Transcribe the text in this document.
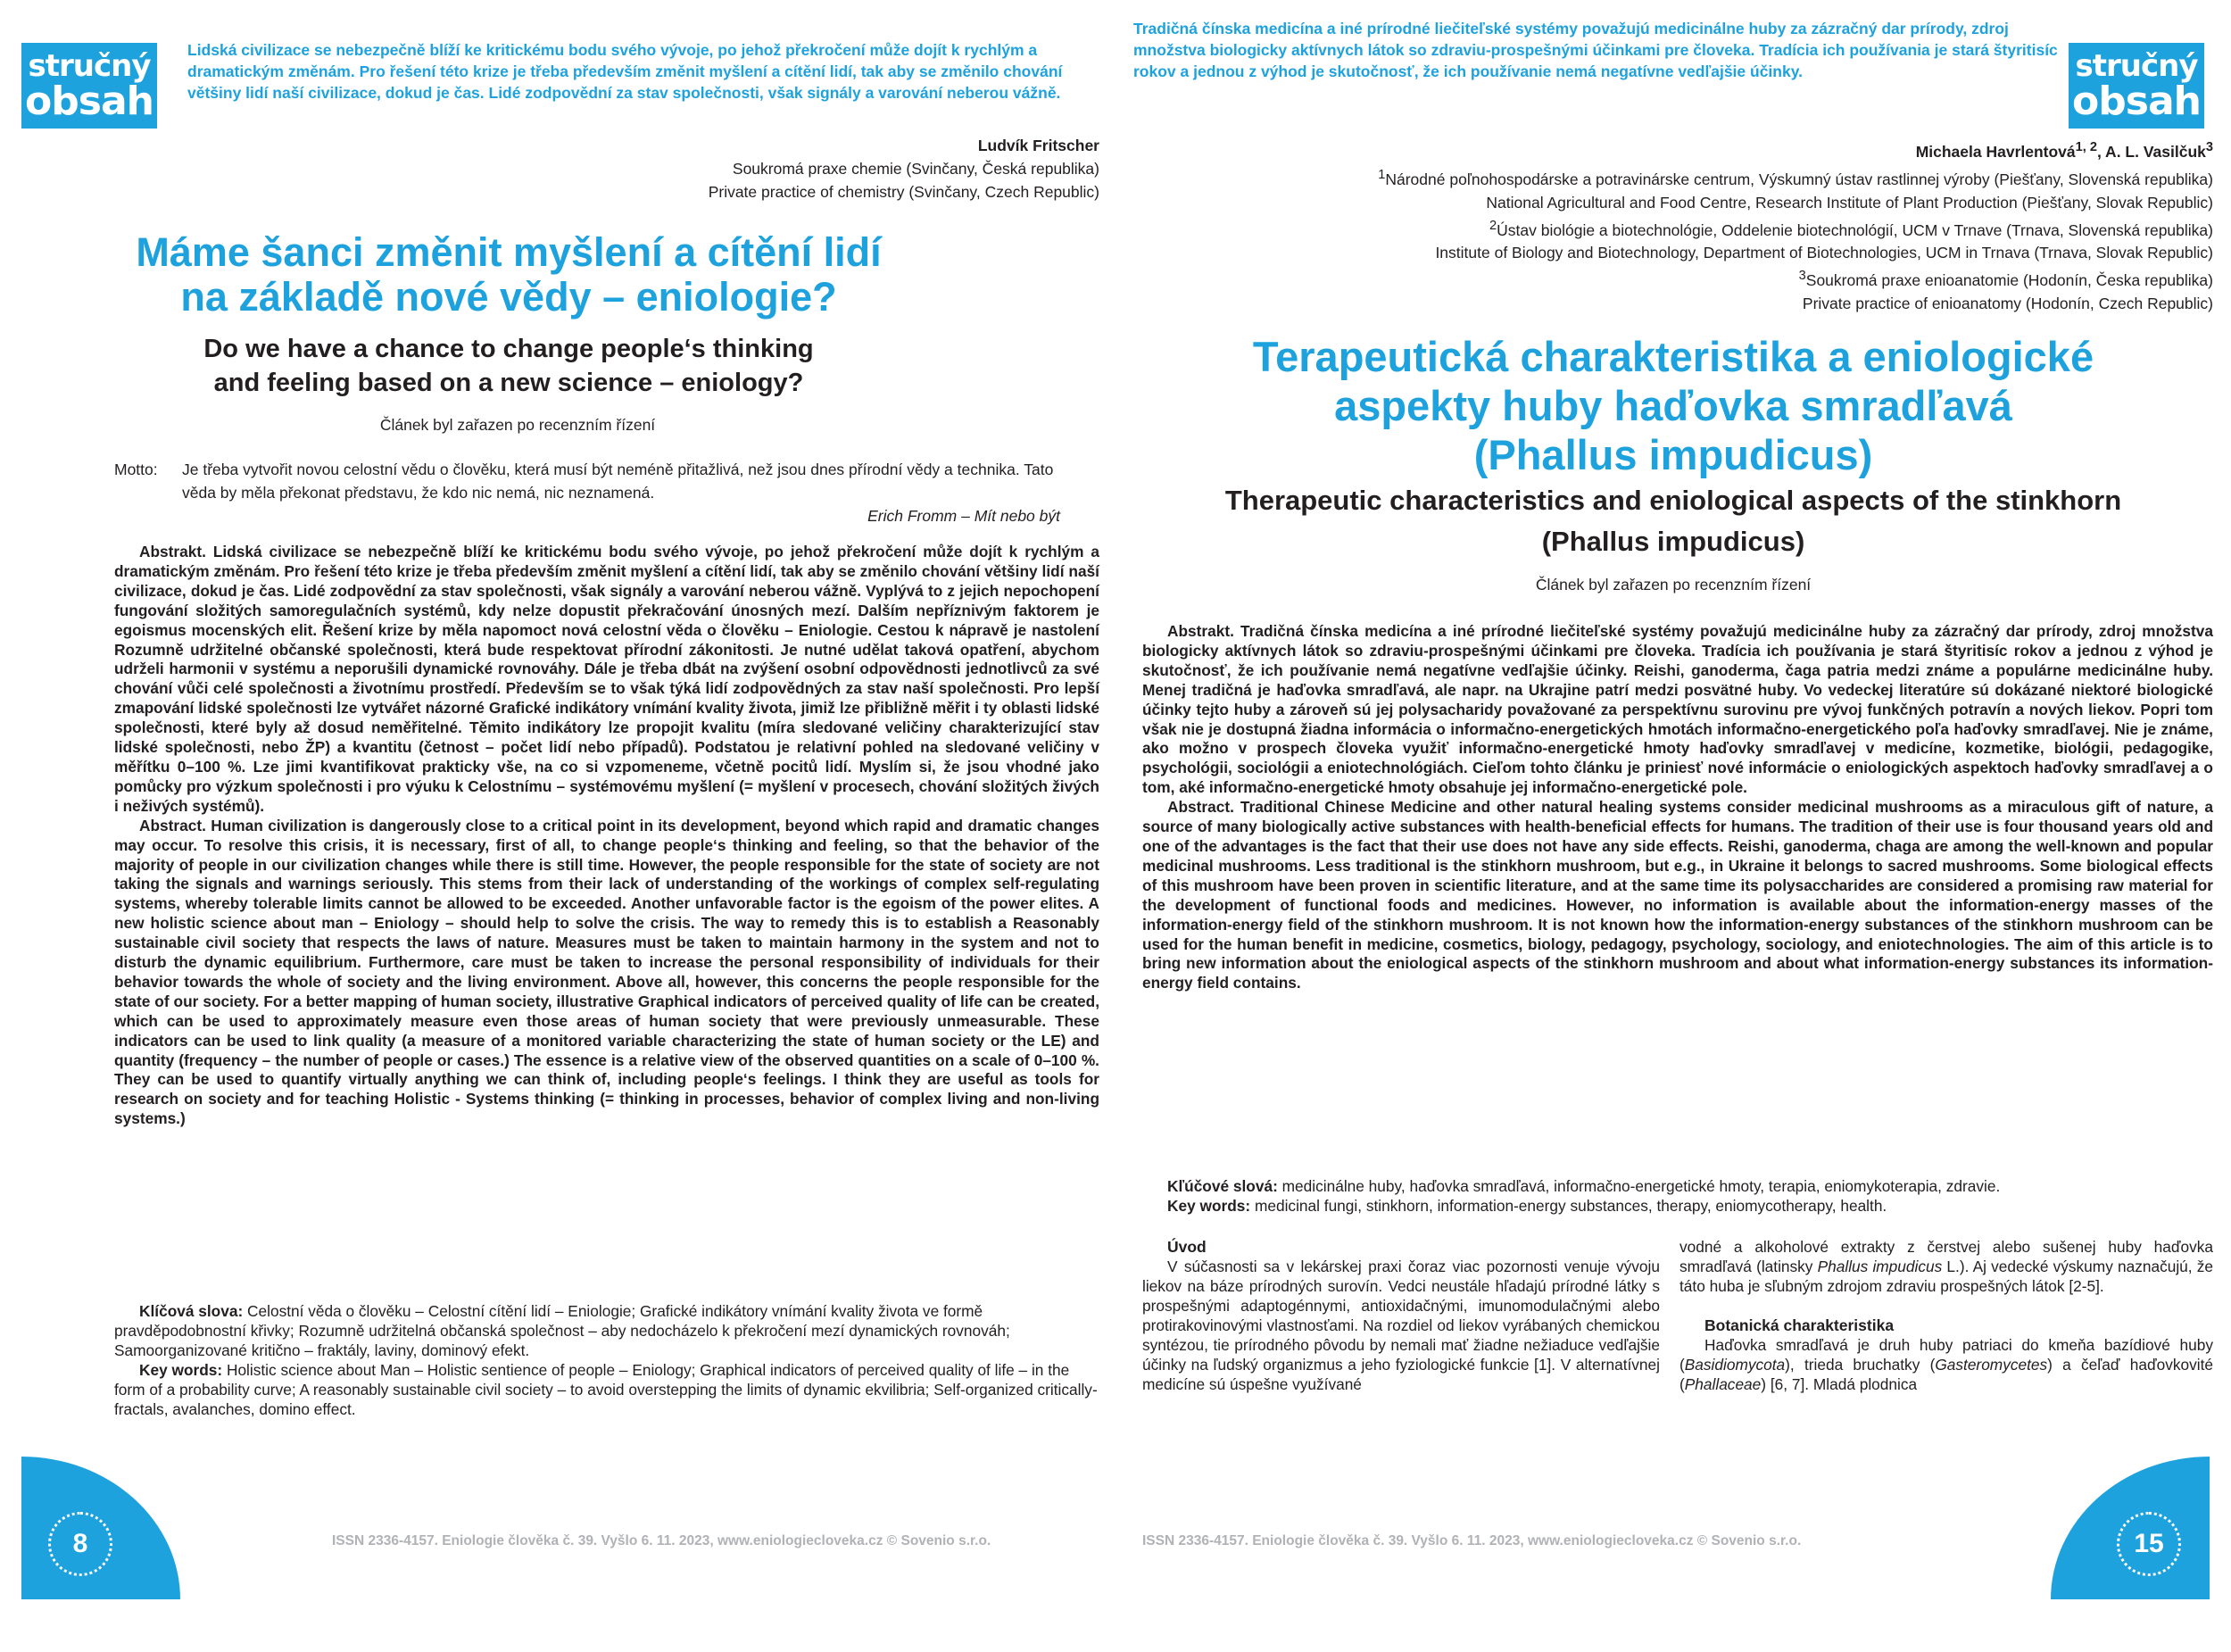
stručný
obsah
Lidská civilizace se nebezpečně blíží ke kritickému bodu svého vývoje, po jehož překročení může dojít k rychlým a dramatickým změnám. Pro řešení této krize je třeba především změnit myšlení a cítění lidí, tak aby se změnilo chování většiny lidí naší civilizace, dokud je čas. Lidé zodpovědní za stav společnosti, však signály a varování neberou vážně.
Ludvík Fritscher
Soukromá praxe chemie (Svinčany, Česká republika)
Private practice of chemistry (Svinčany, Czech Republic)
Máme šanci změnit myšlení a cítění lidí
na základě nové vědy – eniologie?
Do we have a chance to change people‘s thinking
and feeling based on a new science – eniology?
Článek byl zařazen po recenzním řízení
Motto: Je třeba vytvořit novou celostní vědu o člověku, která musí být neméně přitažlivá, než jsou dnes přírodní vědy a technika. Tato věda by měla překonat představu, že kdo nic nemá, nic neznamená.
Erich Fromm – Mít nebo být

Abstrakt. Lidská civilizace se nebezpečně blíží ke kritickému bodu svého vývoje, po jehož překročení může dojít k rychlým a dramatickým změnám. Pro řešení této krize je třeba především změnit myšlení a cítění lidí, tak aby se změnilo chování většiny lidí naší civilizace, dokud je čas. Lidé zodpovědní za stav společnosti, však signály a varování neberou vážně. Vyplývá to z jejich nepochopení fungování složitých samoregulačních systémů, kdy nelze dopustit překračování únosných mezí. Dalším nepříznivým faktorem je egoismus mocenských elit. Řešení krize by měla napomoct nová celostní věda o člověku – Eniologie. Cestou k nápravě je nastolení Rozumně udržitelné občanské společnosti, která bude respektovat přírodní zákonitosti. Je nutné udělat taková opatření, abychom udrželi harmonii v systému a neporušili dynamické rovnováhy. Dále je třeba dbát na zvýšení osobní odpovědnosti jednotlivců za své chování vůči celé společnosti a životnímu prostředí. Především se to však týká lidí zodpovědných za stav naší společnosti. Pro lepší zmapování lidské společnosti lze vytvářet názorné Grafické indikátory vnímání kvality života, jimiž lze přibližně měřit i ty oblasti lidské společnosti, které byly až dosud neměřitelné. Těmito indikátory lze propojit kvalitu (míra sledované veličiny charakterizující stav lidské společnosti, nebo ŽP) a kvantitu (četnost – počet lidí nebo případů). Podstatou je relativní pohled na sledované veličiny v měřítku 0–100 %. Lze jimi kvantifikovat prakticky vše, na co si vzpomeneme, včetně pocitů lidí. Myslím si, že jsou vhodné jako pomůcky pro výzkum společnosti i pro výuku k Celostnímu – systémovému myšlení (= myšlení v procesech, chování složitých živých i neživých systémů).

Abstract. Human civilization is dangerously close to a critical point in its development, beyond which rapid and dramatic changes may occur. To resolve this crisis, it is necessary, first of all, to change people‘s thinking and feeling, so that the behavior of the majority of people in our civilization changes while there is still time. However, the people responsible for the state of society are not taking the signals and warnings seriously. This stems from their lack of understanding of the workings of complex self-regulating systems, whereby tolerable limits cannot be allowed to be exceeded. Another unfavorable factor is the egoism of the power elites. A new holistic science about man – Eniology – should help to solve the crisis. The way to remedy this is to establish a Reasonably sustainable civil society that respects the laws of nature. Measures must be taken to maintain harmony in the system and not to disturb the dynamic equilibrium. Furthermore, care must be taken to increase the personal responsibility of individuals for their behavior towards the whole of society and the living environment. Above all, however, this concerns the people responsible for the state of our society. For a better mapping of human society, illustrative Graphical indicators of perceived quality of life can be created, which can be used to approximately measure even those areas of human society that were previously unmeasurable. These indicators can be used to link quality (a measure of a monitored variable characterizing the state of human society or the LE) and quantity (frequency – the number of people or cases.) The essence is a relative view of the observed quantities on a scale of 0–100 %. They can be used to quantify virtually anything we can think of, including people‘s feelings. I think they are useful as tools for research on society and for teaching Holistic - Systems thinking (= thinking in processes, behavior of complex living and non-living systems.)

Klíčová slova: Celostní věda o člověku – Celostní cítění lidí – Eniologie; Grafické indikátory vnímání kvality života ve formě pravděpodobnostní křivky; Rozumně udržitelná občanská společnost – aby nedocházelo k překročení mezí dynamických rovnováh; Samoorganizované kritično – fraktály, laviny, dominový efekt.

Key words: Holistic science about Man – Holistic sentience of people – Eniology; Graphical indicators of perceived quality of life – in the form of a probability curve; A reasonably sustainable civil society – to avoid overstepping the limits of dynamic ekvilibria; Self-organized critically- fractals, avalanches, domino effect.

8	ISSN 2336-4157. Eniologie člověka č. 39. Vyšlo 6. 11. 2023, www.eniologiecloveka.cz © Sovenio s.r.o.
Tradičná čínska medicína a iné prírodné liečiteľské systémy považujú medicinálne huby za zázračný dar prírody, zdroj množstva biologicky aktívnych látok so zdraviu-prospešnými účinkami pre človeka. Tradícia ich používania je stará štyritisíc rokov a jednou z výhod je skutočnosť, že ich používanie nemá negatívne vedľajšie účinky.	stručný
obsah
Michaela Havrlentová$^{1, 2}$, A. L. Vasilčuk$^3$
$^1$Národné poľnohospodárske a potravinárske centrum, Výskumný ústav rastlinnej výroby (Piešťany, Slovenská republika)
National Agricultural and Food Centre, Research Institute of Plant Production (Piešťany, Slovak Republic)
$^2$Ústav biológie a biotechnológie, Oddelenie biotechnológií, UCM v Trnave (Trnava, Slovenská republika)
Institute of Biology and Biotechnology, Department of Biotechnologies, UCM in Trnava (Trnava, Slovak Republic)
$^3$Soukromá praxe enioanatomie (Hodonín, Česka republika)
Private practice of enioanatomy (Hodonín, Czech Republic)
Terapeutická charakteristika a eniologické
aspekty huby haďovka smradľavá
(Phallus impudicus)
Therapeutic characteristics and eniological aspects of the stinkhorn
(Phallus impudicus)
Článek byl zařazen po recenzním řízení

Abstrakt. Tradičná čínska medicína a iné prírodné liečiteľské systémy považujú medicinálne huby za zázračný dar prírody, zdroj množstva biologicky aktívnych látok so zdraviu-prospešnými účinkami pre človeka. Tradícia ich používania je stará štyritisíc rokov a jednou z výhod je skutočnosť, že ich používanie nemá negatívne vedľajšie účinky. Reishi, ganoderma, čaga patria medzi známe a populárne medicinálne huby. Menej tradičná je haďovka smradľavá, ale napr. na Ukrajine patrí medzi posvätné huby. Vo vedeckej literatúre sú dokázané niektoré biologické účinky tejto huby a zároveň sú jej polysacharidy považované za perspektívnu surovinu pre vývoj funkčných potravín a nových liekov. Popri tom však nie je dostupná žiadna informácia o informačno-energetických hmotách informačno-energetického poľa haďovky smradľavej. Nie je známe, ako možno v prospech človeka využiť informačno-energetické hmoty haďovky smradľavej v medicíne, kozmetike, biológii, pedagogike, psychológii, sociológii a eniotechnológiách. Cieľom tohto článku je priniesť nové informácie o eniologických aspektoch haďovky smradľavej a o tom, aké informačno-energetické hmoty obsahuje jej informačno-energetické pole.

Abstract. Traditional Chinese Medicine and other natural healing systems consider medicinal mushrooms as a miraculous gift of nature, a source of many biologically active substances with health-beneficial effects for humans. The tradition of their use is four thousand years old and one of the advantages is the fact that their use does not have any side effects. Reishi, ganoderma, chaga are among the well-known and popular medicinal mushrooms. Less traditional is the stinkhorn mushroom, but e.g., in Ukraine it belongs to sacred mushrooms. Some biological effects of this mushroom have been proven in scientific literature, and at the same time its polysaccharides are considered a promising raw material for the development of functional foods and medicines. However, no information is available about the information-energy masses of the information-energy field of the stinkhorn mushroom. It is not known how the information-energy substances of the stinkhorn mushroom can be used for the human benefit in medicine, cosmetics, biology, pedagogy, psychology, sociology, and eniotechnologies. The aim of this article is to bring new information about the eniological aspects of the stinkhorn mushroom and about what information-energy substances its information-energy field contains.

Kľúčové slová: medicinálne huby, haďovka smradľavá, informačno-energetické hmoty, terapia, eniomykoterapia, zdravie.

Key words: medicinal fungi, stinkhorn, information-energy substances, therapy, eniomycotherapy, health.

Úvod

V súčasnosti sa v lekárskej praxi čoraz viac pozornosti venuje vývoju liekov na báze prírodných surovín. Vedci neustále hľadajú prírodné látky s prospešnými adaptogénnymi, antioxidačnými, imunomodulačnými alebo protirakovinovými vlastnosťami. Na rozdiel od liekov vyrábaných chemickou syntézou, tie prírodného pôvodu by nemali mať žiadne nežiaduce vedľajšie účinky na ľudský organizmus a jeho fyziologické funkcie [1]. V alternatívnej medicíne sú úspešne využívané

vodné a alkoholové extrakty z čerstvej alebo sušenej huby haďovka smradľavá (latinsky Phallus impudicus L.). Aj vedecké výskumy naznačujú, že táto huba je sľubným zdrojom zdraviu prospešných látok [2-5].

Botanická charakteristika

Haďovka smradľavá je druh huby patriaci do kmeňa bazídiové huby (Basidiomycota), trieda bruchatky (Gasteromycetes) a čeľaď haďovkovité (Phallaceae) [6, 7]. Mladá plodnica

ISSN 2336-4157. Eniologie člověka č. 39. Vyšlo 6. 11. 2023, www.eniologiecloveka.cz © Sovenio s.r.o.	15
